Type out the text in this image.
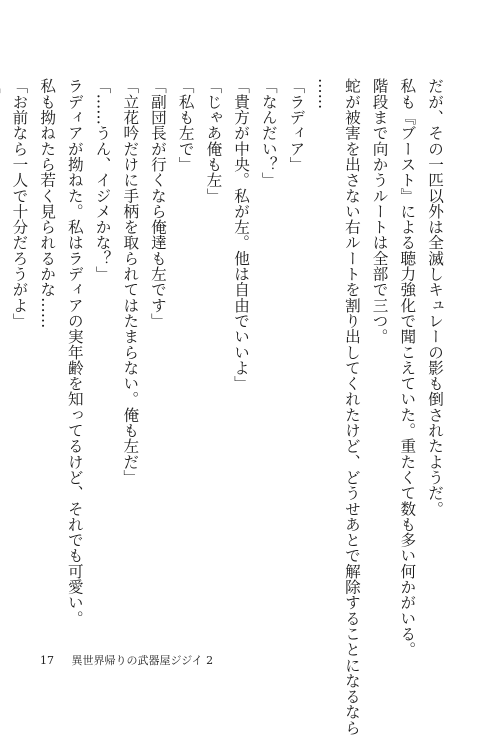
だが、その一匹以外は全滅しキュレーの影も倒されたようだ。
私も『ブースト』による聴力強化で聞こえていた。重たくて数も多い何かがいる。
階段まで向かうルートは全部で三つ。
蛇が被害を出さない右ルートを割り出してくれたけど、どうせあとで解除することになるなら
……
「ラディア」
「なんだい？」
「貴方が中央。私が左。他は自由でいいよ」
「じゃあ俺も左」
「私も左で」
「副団長が行くなら俺達も左です」
「立花吟だけに手柄を取られてはたまらない。俺も左だ」
「……うん、イジメかな？」
ラディアが拗ねた。私はラディアの実年齢を知ってるけど、それでも可愛い。
私も拗ねたら若く見られるかな……
「お前なら一人で十分だろうがよ」
17 異世界帰りの武器屋ジジイ 2
